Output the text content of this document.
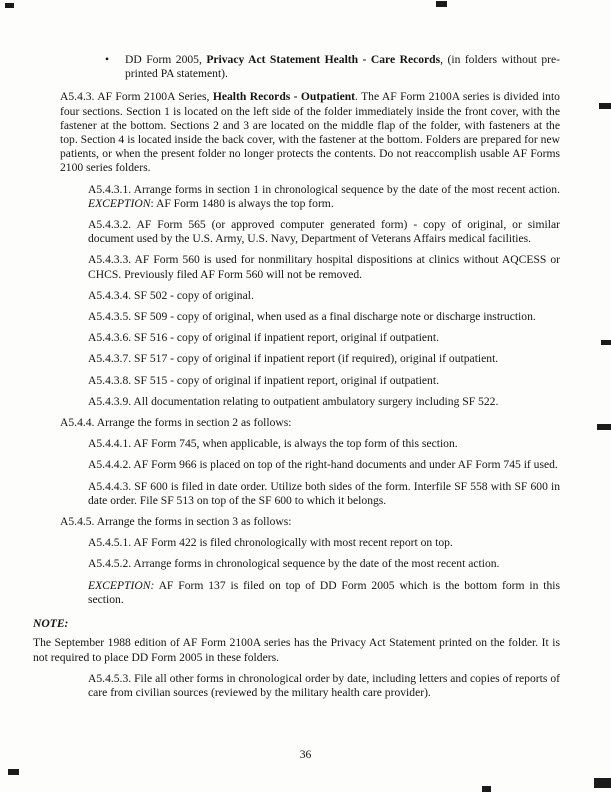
•	DD Form 2005, Privacy Act Statement Health - Care Records, (in folders without pre-printed PA statement).

A5.4.3. AF Form 2100A Series, Health Records - Outpatient. The AF Form 2100A series is divided into four sections. Section 1 is located on the left side of the folder immediately inside the front cover, with the fastener at the bottom. Sections 2 and 3 are located on the middle flap of the folder, with fasteners at the top. Section 4 is located inside the back cover, with the fastener at the bottom. Folders are prepared for new patients, or when the present folder no longer protects the contents. Do not reaccomplish usable AF Forms 2100 series folders.

A5.4.3.1. Arrange forms in section 1 in chronological sequence by the date of the most recent action. EXCEPTION: AF Form 1480 is always the top form.

A5.4.3.2. AF Form 565 (or approved computer generated form) - copy of original, or similar document used by the U.S. Army, U.S. Navy, Department of Veterans Affairs medical facilities.

A5.4.3.3. AF Form 560 is used for nonmilitary hospital dispositions at clinics without AQCESS or CHCS. Previously filed AF Form 560 will not be removed.

A5.4.3.4. SF 502 - copy of original.

A5.4.3.5. SF 509 - copy of original, when used as a final discharge note or discharge instruction.

A5.4.3.6. SF 516 - copy of original if inpatient report, original if outpatient.

A5.4.3.7. SF 517 - copy of original if inpatient report (if required), original if outpatient.

A5.4.3.8. SF 515 - copy of original if inpatient report, original if outpatient.

A5.4.3.9. All documentation relating to outpatient ambulatory surgery including SF 522.

A5.4.4. Arrange the forms in section 2 as follows:

A5.4.4.1. AF Form 745, when applicable, is always the top form of this section.

A5.4.4.2. AF Form 966 is placed on top of the right-hand documents and under AF Form 745 if used.

A5.4.4.3. SF 600 is filed in date order. Utilize both sides of the form. Interfile SF 558 with SF 600 in date order. File SF 513 on top of the SF 600 to which it belongs.

A5.4.5. Arrange the forms in section 3 as follows:

A5.4.5.1. AF Form 422 is filed chronologically with most recent report on top.

A5.4.5.2. Arrange forms in chronological sequence by the date of the most recent action.

EXCEPTION: AF Form 137 is filed on top of DD Form 2005 which is the bottom form in this section.

NOTE:

The September 1988 edition of AF Form 2100A series has the Privacy Act Statement printed on the folder. It is not required to place DD Form 2005 in these folders.

A5.4.5.3. File all other forms in chronological order by date, including letters and copies of reports of care from civilian sources (reviewed by the military health care provider).

36
